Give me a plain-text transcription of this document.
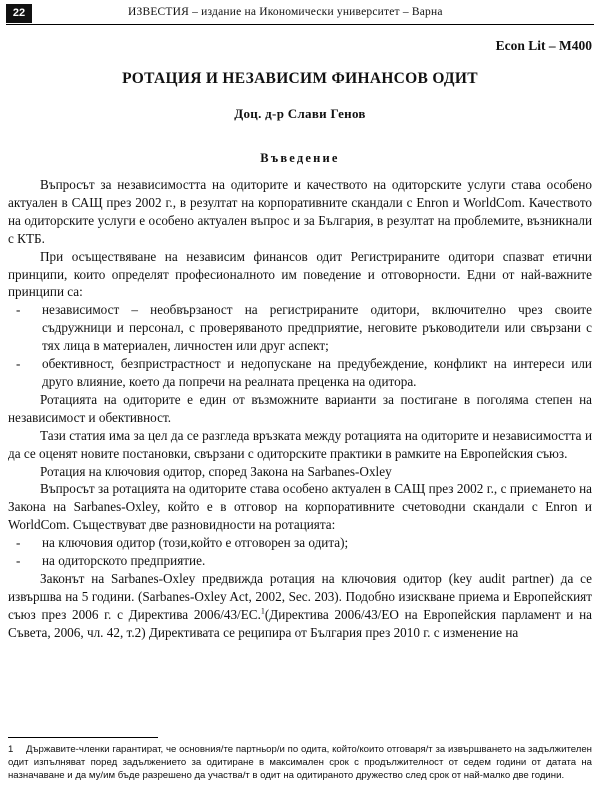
22	ИЗВЕСТИЯ – издание на Икономически университет – Варна
Econ Lit – M400
РОТАЦИЯ И НЕЗАВИСИМ ФИНАНСОВ ОДИТ
Доц. д-р Слави Генов
Въведение

Въпросът за независимостта на одиторите и качеството на одиторските услуги става особено актуален в САЩ през 2002 г., в резултат на корпоративните скандали с Enron и WorldCom. Качеството на одиторските услуги е особено актуален въпрос и за България, в резултат на проблемите, възникнали с КТБ.

При осъществяване на независим финансов одит Регистрираните одитори спазват етични принципи, които определят професионалното им поведение и отговорности. Едни от най-важните принципи са:

- независимост – необвързаност на регистрираните одитори, включително чрез своите съдружници и персонал, с проверяваното предприятие, неговите ръководители или свързани с тях лица в материален, личностен или друг аспект;
- обективност, безпристрастност и недопускане на предубеждение, конфликт на интереси или друго влияние, което да попречи на реалната преценка на одитора.

Ротацията на одиторите е един от възможните варианти за постигане в поголяма степен на независимост и обективност.

Тази статия има за цел да се разгледа връзката между ротацията на одиторите и независимостта и да се оценят новите постановки, свързани с одиторските практики в рамките на Европейския съюз.

Ротация на ключовия одитор, според Закона на Sarbanes-Oxley

Въпросът за ротацията на одиторите става особено актуален в САЩ през 2002 г., с приемането на Закона на Sarbanes-Oxley, който е в отговор на корпоративните счетоводни скандали с Enron и WorldCom. Съществуват две разновидности на ротацията:

- на ключовия одитор (този,който е отговорен за одита);
- на одиторското предприятие.

Законът на Sarbanes-Oxley предвижда ротация на ключовия одитор (key audit partner) да се извършва на 5 години. (Sarbanes-Oxley Act, 2002, Sec. 203). Подобно изискване приема и Европейският съюз през 2006 г. с Директива 2006/43/ЕС.$^1$(Директива 2006/43/ЕО на Европейския парламент и на Съвета, 2006, чл. 42, т.2) Директивата се реципира от България през 2010 г. с изменение на

1 Държавите-членки гарантират, че основния/те партньор/и по одита, който/които отговаря/т за извършването на задължителен одит изпълняват поред задължението за одитиране в максимален срок с продължителност от седем години от датата на назначаване и да му/им бъде разрешено да участва/т в одит на одитираното дружество след срок от най-малко две години.
